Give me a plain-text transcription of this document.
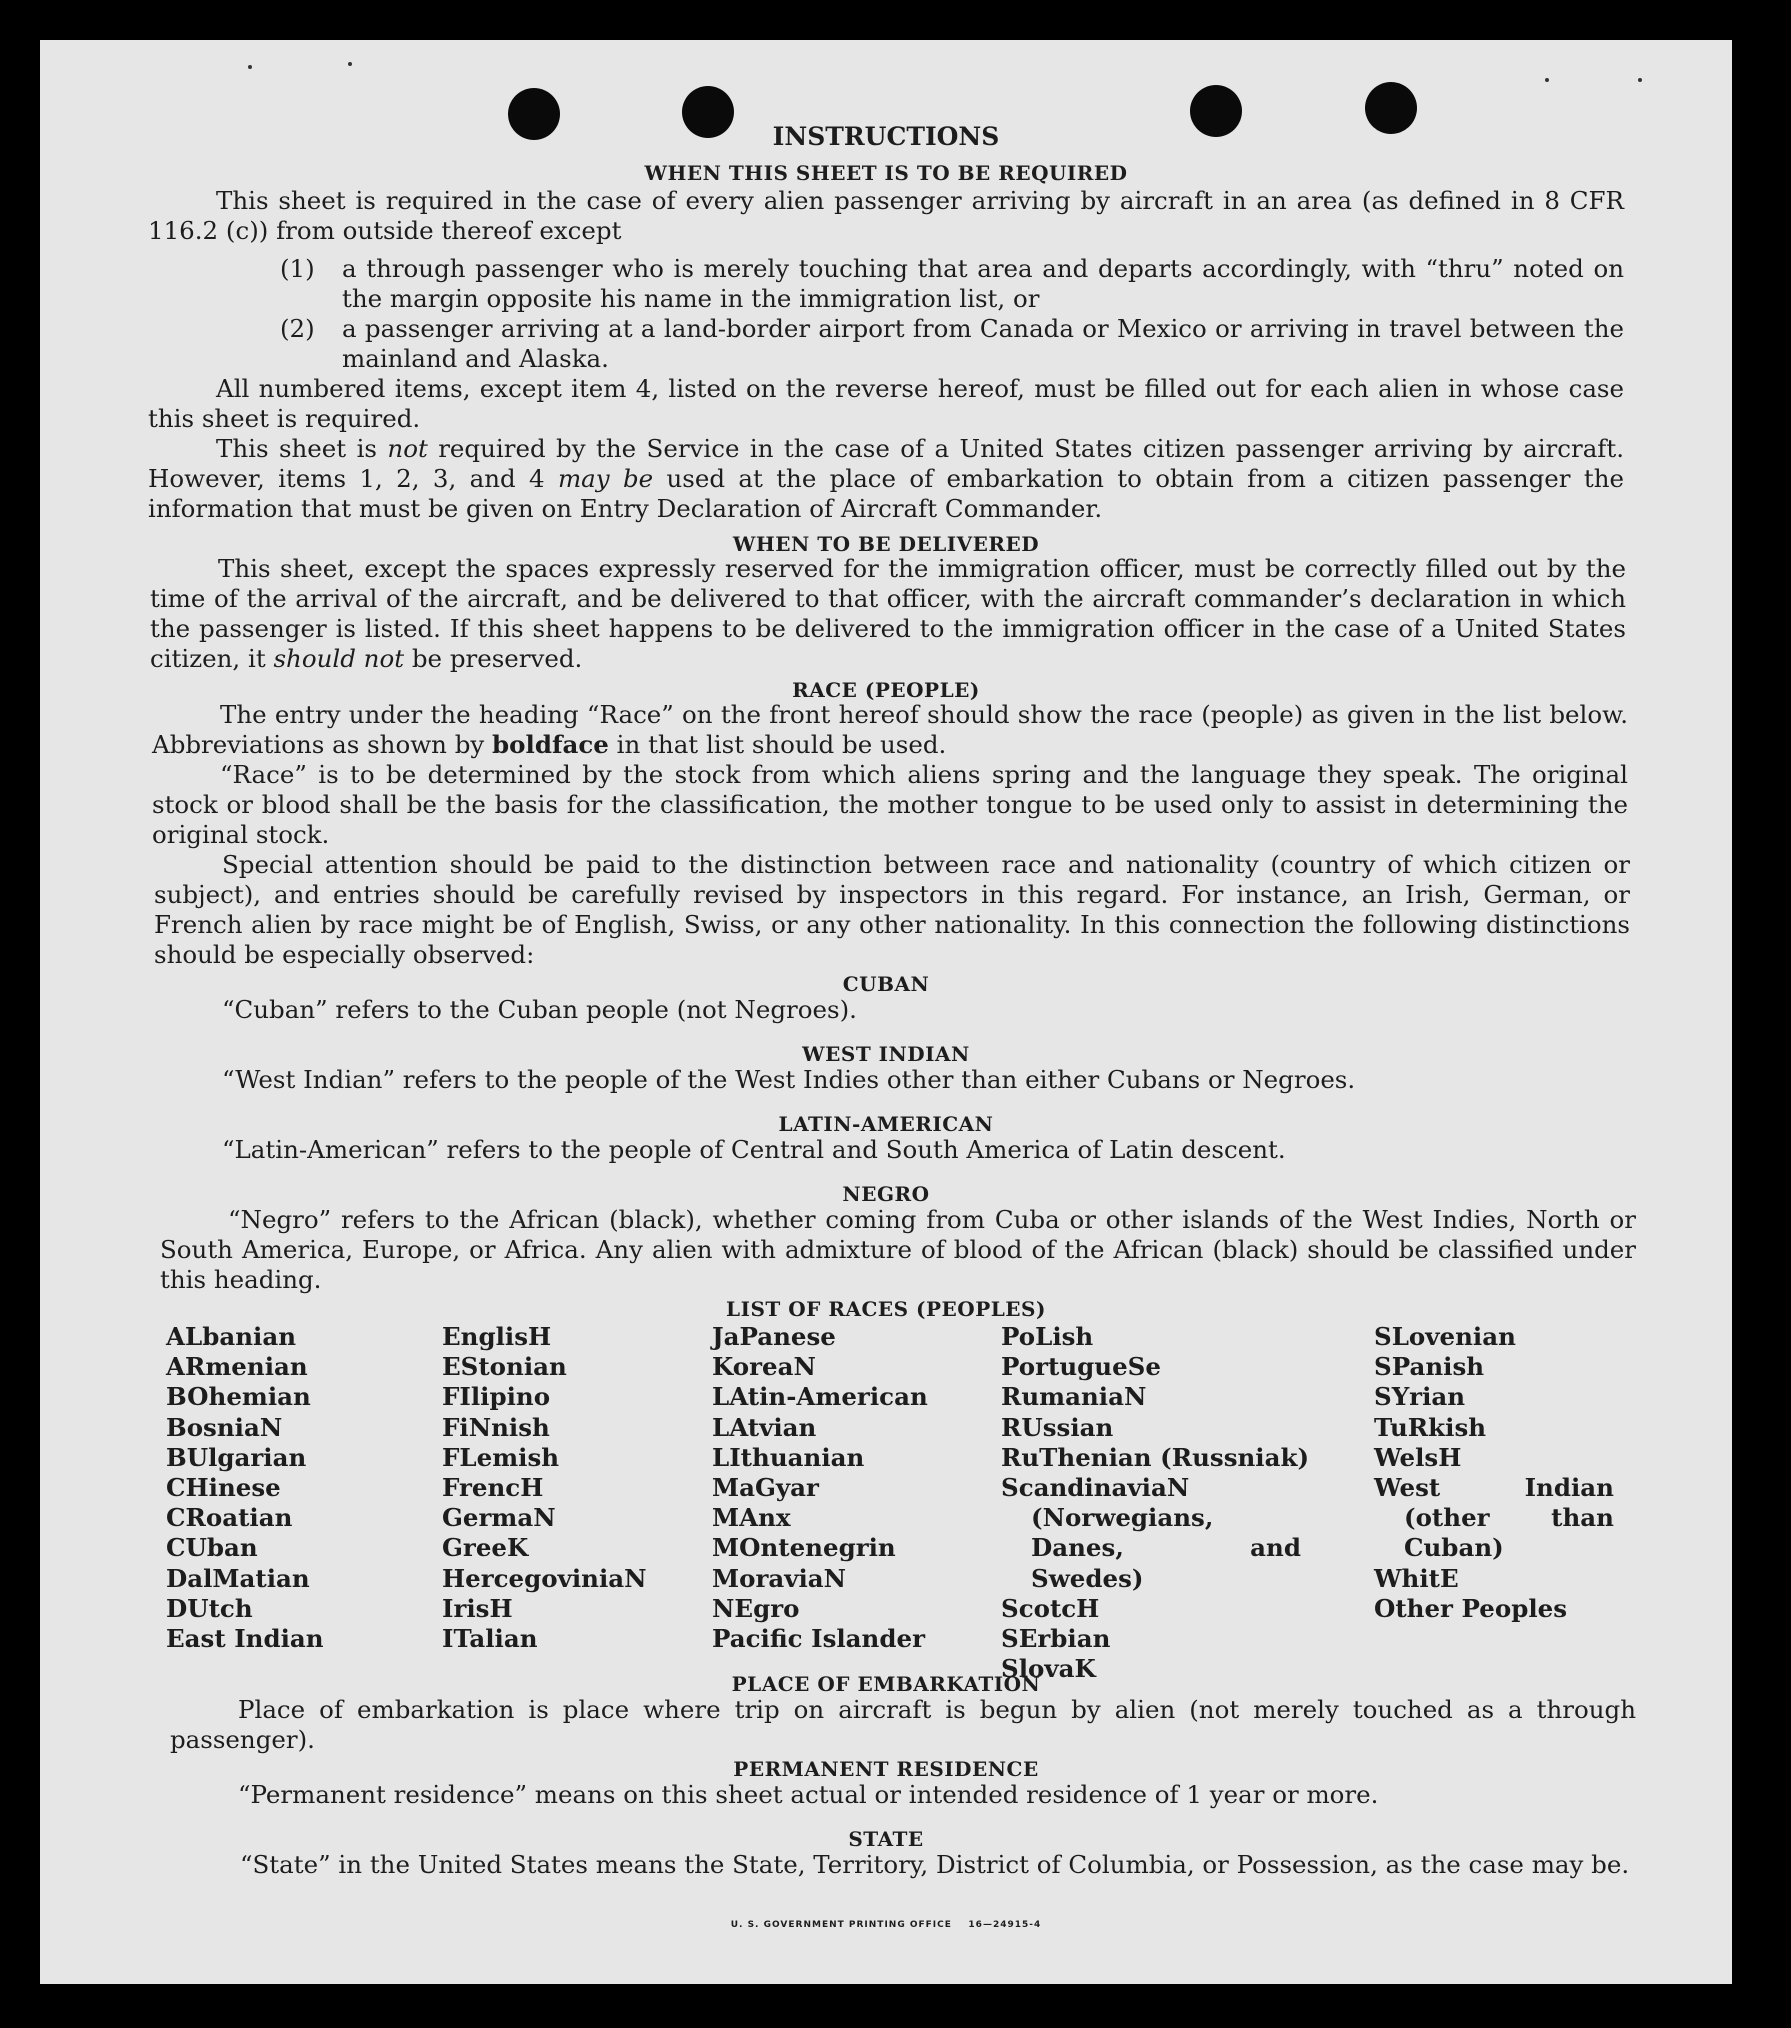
INSTRUCTIONS
WHEN THIS SHEET IS TO BE REQUIRED

This sheet is required in the case of every alien passenger arriving by aircraft in an area (as defined in 8 CFR 116.2 (c)) from outside thereof except

(1) a through passenger who is merely touching that area and departs accordingly, with “thru” noted on the margin opposite his name in the immigration list, or
(2) a passenger arriving at a land-border airport from Canada or Mexico or arriving in travel between the mainland and Alaska.

All numbered items, except item 4, listed on the reverse hereof, must be filled out for each alien in whose case this sheet is required.

This sheet is not required by the Service in the case of a United States citizen passenger arriving by aircraft. However, items 1, 2, 3, and 4 may be used at the place of embarkation to obtain from a citizen passenger the information that must be given on Entry Declaration of Aircraft Commander.

WHEN TO BE DELIVERED

This sheet, except the spaces expressly reserved for the immigration officer, must be correctly filled out by the time of the arrival of the aircraft, and be delivered to that officer, with the aircraft commander’s declaration in which the passenger is listed. If this sheet happens to be delivered to the immigration officer in the case of a United States citizen, it should not be preserved.

RACE (PEOPLE)

The entry under the heading “Race” on the front hereof should show the race (people) as given in the list below. Abbreviations as shown by boldface in that list should be used.

“Race” is to be determined by the stock from which aliens spring and the language they speak. The original stock or blood shall be the basis for the classification, the mother tongue to be used only to assist in determining the original stock.

Special attention should be paid to the distinction between race and nationality (country of which citizen or subject), and entries should be carefully revised by inspectors in this regard. For instance, an Irish, German, or French alien by race might be of English, Swiss, or any other nationality. In this connection the following distinctions should be especially observed:

CUBAN

“Cuban” refers to the Cuban people (not Negroes).

WEST INDIAN

“West Indian” refers to the people of the West Indies other than either Cubans or Negroes.

LATIN-AMERICAN

“Latin-American” refers to the people of Central and South America of Latin descent.

NEGRO

“Negro” refers to the African (black), whether coming from Cuba or other islands of the West Indies, North or South America, Europe, or Africa. Any alien with admixture of blood of the African (black) should be classified under this heading.

LIST OF RACES (PEOPLES)
ALbanian
ARmenian
BOhemian
BosniaN
BUlgarian
CHinese
CRoatian
CUban
DalMatian
DUtch
East Indian
EnglisH
EStonian
FIlipino
FiNnish
FLemish
FrencH
GermaN
GreeK
HercegoviniaN
IrisH
ITalian
JaPanese
KoreaN
LAtin-American
LAtvian
LIthuanian
MaGyar
MAnx
MOntenegrin
MoraviaN
NEgro
Pacific Islander
PoLish
PortugueSe
RumaniaN
RUssian
RuThenian (Russniak)
ScandinaviaN (Norwegians, Danes, and Swedes)
ScotcH
SErbian
SlovaK
SLovenian
SPanish
SYrian
TuRkish
WelsH
West Indian (other than Cuban)
WhitE
Other Peoples
PLACE OF EMBARKATION

Place of embarkation is place where trip on aircraft is begun by alien (not merely touched as a through passenger).

PERMANENT RESIDENCE

“Permanent residence” means on this sheet actual or intended residence of 1 year or more.

STATE

“State” in the United States means the State, Territory, District of Columbia, or Possession, as the case may be.

U. S. GOVERNMENT PRINTING OFFICE    16—24915-4
